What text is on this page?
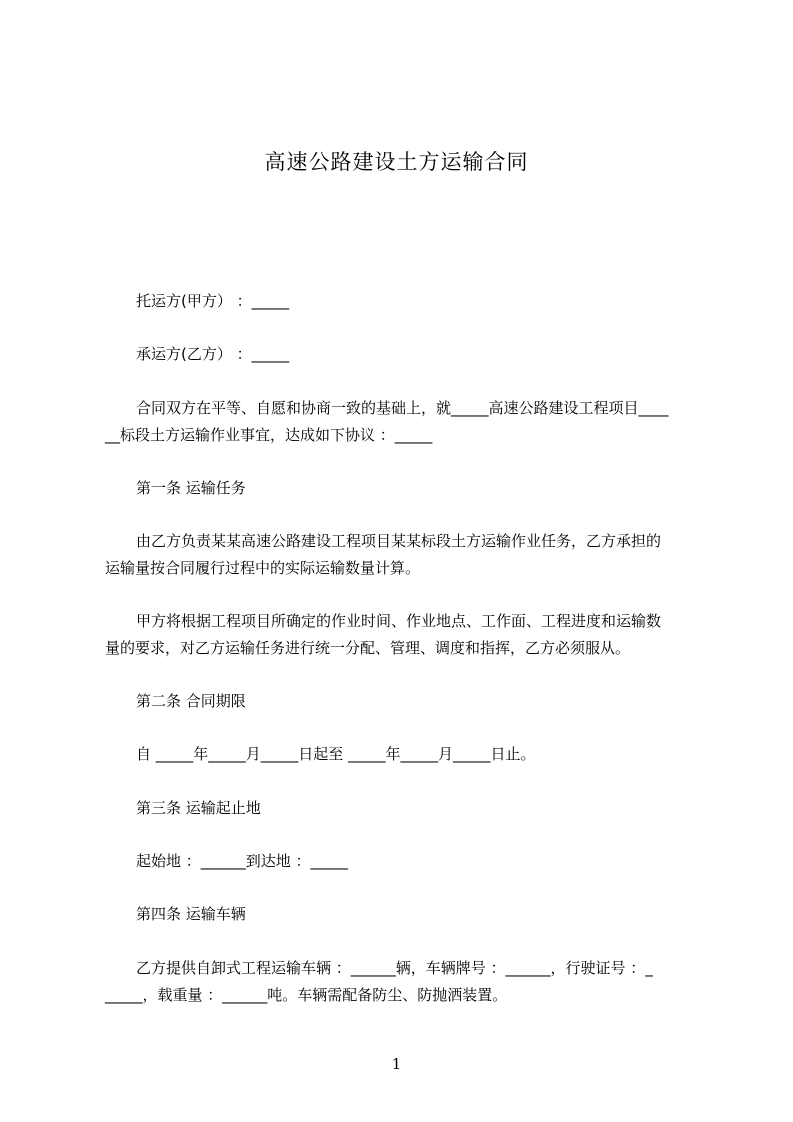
高速公路建设土方运输合同
托运方(甲方） ：_____
承运方(乙方） ：_____
合同双方在平等、自愿和协商一致的基础上，就_____高速公路建设工程项目____
__标段土方运输作业事宜，达成如下协议 ：_____
第一条 运输任务
由乙方负责某某高速公路建设工程项目某某标段土方运输作业任务，乙方承担的
运输量按合同履行过程中的实际运输数量计算。
甲方将根据工程项目所确定的作业时间、作业地点、工作面、工程进度和运输数
量的要求，对乙方运输任务进行统一分配、管理、调度和指挥，乙方必须服从。
第二条 合同期限
自 _____年_____月_____日起至 _____年_____月_____日止。
第三条 运输起止地
起始地 ：______到达地 ：_____
第四条 运输车辆
乙方提供自卸式工程运输车辆 ：______辆，车辆牌号 ：______，行驶证号 ：_
_____，载重量 ：______吨。车辆需配备防尘、防抛洒装置。
1
